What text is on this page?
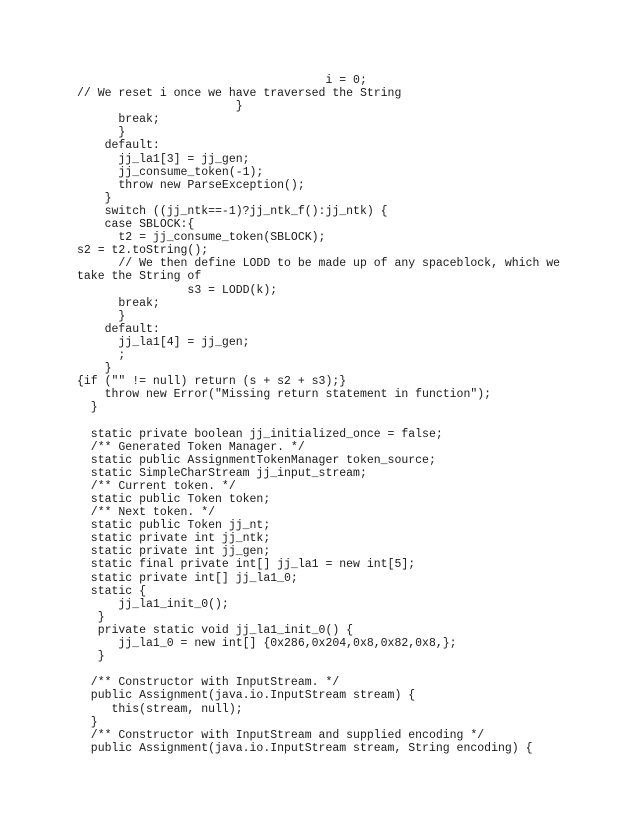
i = 0;
// We reset i once we have traversed the String
}
break;
}
default:
jj_la1[3] = jj_gen;
jj_consume_token(-1);
throw new ParseException();
}
switch ((jj_ntk==-1)?jj_ntk_f():jj_ntk) {
case SBLOCK:{
t2 = jj_consume_token(SBLOCK);
s2 = t2.toString();
// We then define LODD to be made up of any spaceblock, which we
take the String of
s3 = LODD(k);
break;
}
default:
jj_la1[4] = jj_gen;
;
}
{if ("" != null) return (s + s2 + s3);}
throw new Error("Missing return statement in function");
}
static private boolean jj_initialized_once = false;
/** Generated Token Manager. */
static public AssignmentTokenManager token_source;
static SimpleCharStream jj_input_stream;
/** Current token. */
static public Token token;
/** Next token. */
static public Token jj_nt;
static private int jj_ntk;
static private int jj_gen;
static final private int[] jj_la1 = new int[5];
static private int[] jj_la1_0;
static {
jj_la1_init_0();
}
private static void jj_la1_init_0() {
jj_la1_0 = new int[] {0x286,0x204,0x8,0x82,0x8,};
}
/** Constructor with InputStream. */
public Assignment(java.io.InputStream stream) {
this(stream, null);
}
/** Constructor with InputStream and supplied encoding */
public Assignment(java.io.InputStream stream, String encoding) {
